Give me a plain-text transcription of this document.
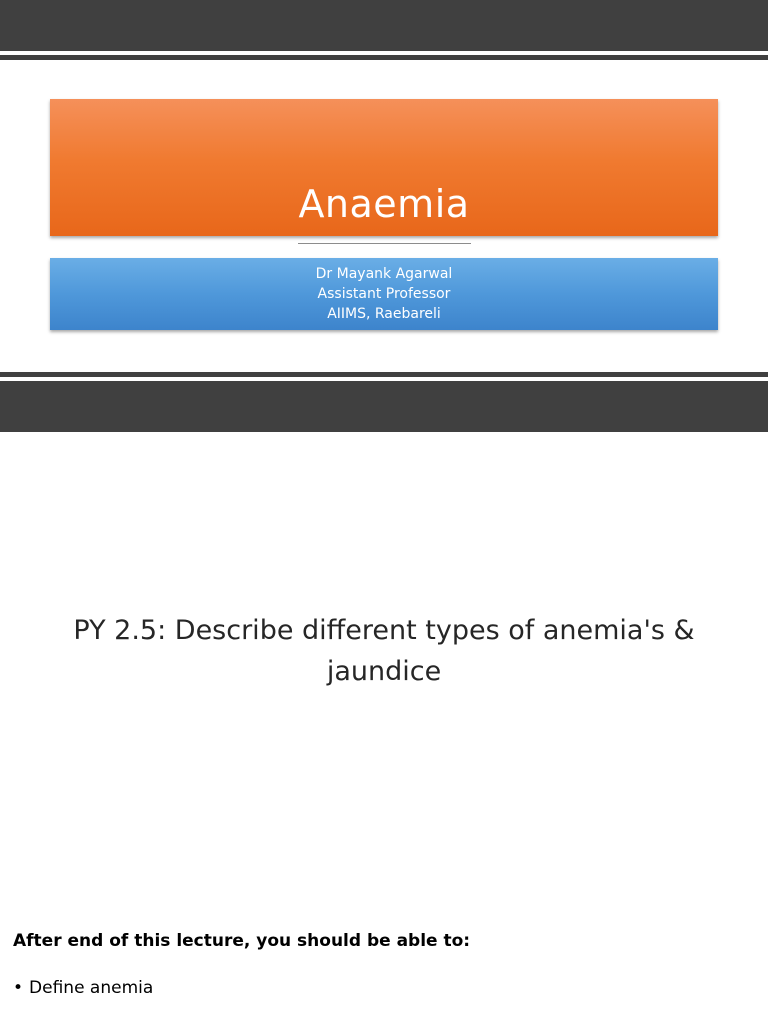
Anaemia
Dr Mayank Agarwal
Assistant Professor
AIIMS, Raebareli
PY 2.5: Describe different types of anemia's & jaundice
After end of this lecture, you should be able to:
• Define anemia
